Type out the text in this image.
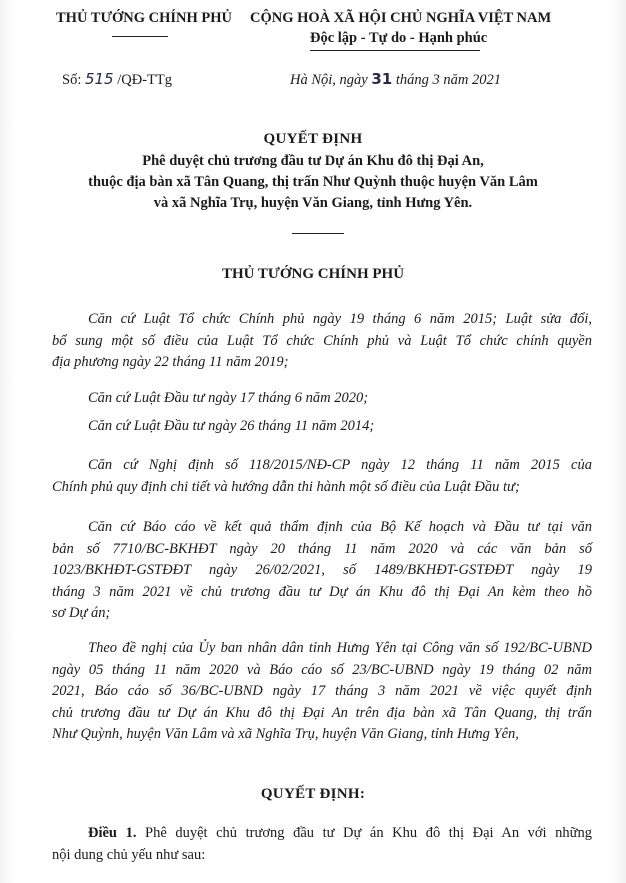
THỦ TƯỚNG CHÍNH PHỦ CỘNG HOÀ XÃ HỘI CHỦ NGHĨA VIỆT NAM
Độc lập - Tự do - Hạnh phúc
Số: 515 /QĐ-TTg	Hà Nội, ngày 31 tháng 3 năm 2021
QUYẾT ĐỊNH
Phê duyệt chủ trương đầu tư Dự án Khu đô thị Đại An,
thuộc địa bàn xã Tân Quang, thị trấn Như Quỳnh thuộc huyện Văn Lâm
và xã Nghĩa Trụ, huyện Văn Giang, tỉnh Hưng Yên.
THỦ TƯỚNG CHÍNH PHỦ
Căn cứ Luật Tổ chức Chính phủ ngày 19 tháng 6 năm 2015; Luật sửa đổi,
bổ sung một số điều của Luật Tổ chức Chính phủ và Luật Tổ chức chính quyền
địa phương ngày 22 tháng 11 năm 2019;
Căn cứ Luật Đầu tư ngày 17 tháng 6 năm 2020;
Căn cứ Luật Đầu tư ngày 26 tháng 11 năm 2014;
Căn cứ Nghị định số 118/2015/NĐ-CP ngày 12 tháng 11 năm 2015 của
Chính phủ quy định chi tiết và hướng dẫn thi hành một số điều của Luật Đầu tư;
Căn cứ Báo cáo về kết quả thẩm định của Bộ Kế hoạch và Đầu tư tại văn
bản số 7710/BC-BKHĐT ngày 20 tháng 11 năm 2020 và các văn bản số
1023/BKHĐT-GSTĐĐT ngày 26/02/2021, số 1489/BKHĐT-GSTĐĐT ngày 19
tháng 3 năm 2021 về chủ trương đầu tư Dự án Khu đô thị Đại An kèm theo hồ
sơ Dự án;
Theo đề nghị của Ủy ban nhân dân tỉnh Hưng Yên tại Công văn số 192/BC-UBND
ngày 05 tháng 11 năm 2020 và Báo cáo số 23/BC-UBND ngày 19 tháng 02 năm
2021, Báo cáo số 36/BC-UBND ngày 17 tháng 3 năm 2021 về việc quyết định
chủ trương đầu tư Dự án Khu đô thị Đại An trên địa bàn xã Tân Quang, thị trấn
Như Quỳnh, huyện Văn Lâm và xã Nghĩa Trụ, huyện Văn Giang, tỉnh Hưng Yên,
QUYẾT ĐỊNH:
Điều 1. Phê duyệt chủ trương đầu tư Dự án Khu đô thị Đại An với những
nội dung chủ yếu như sau:
